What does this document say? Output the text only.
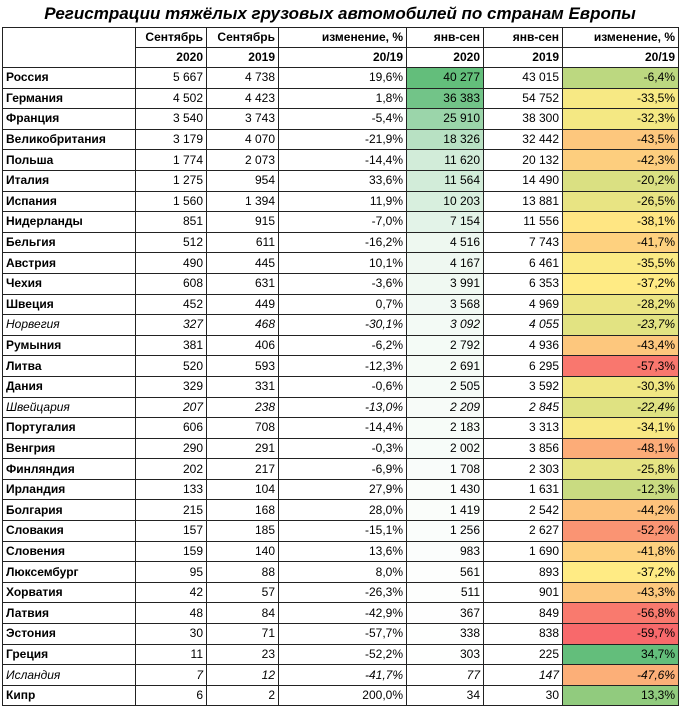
Регистрации тяжёлых грузовых автомобилей по странам Европы
	Сентябрь	Сентябрь	изменение, %	янв-сен	янв-сен	изменение, %
	2020	2019	20/19	2020	2019	20/19
Россия	5 667	4 738	19,6%	40 277	43 015	-6,4%
Германия	4 502	4 423	1,8%	36 383	54 752	-33,5%
Франция	3 540	3 743	-5,4%	25 910	38 300	-32,3%
Великобритания	3 179	4 070	-21,9%	18 326	32 442	-43,5%
Польша	1 774	2 073	-14,4%	11 620	20 132	-42,3%
Италия	1 275	954	33,6%	11 564	14 490	-20,2%
Испания	1 560	1 394	11,9%	10 203	13 881	-26,5%
Нидерланды	851	915	-7,0%	7 154	11 556	-38,1%
Бельгия	512	611	-16,2%	4 516	7 743	-41,7%
Австрия	490	445	10,1%	4 167	6 461	-35,5%
Чехия	608	631	-3,6%	3 991	6 353	-37,2%
Швеция	452	449	0,7%	3 568	4 969	-28,2%
Норвегия	327	468	-30,1%	3 092	4 055	-23,7%
Румыния	381	406	-6,2%	2 792	4 936	-43,4%
Литва	520	593	-12,3%	2 691	6 295	-57,3%
Дания	329	331	-0,6%	2 505	3 592	-30,3%
Швейцария	207	238	-13,0%	2 209	2 845	-22,4%
Португалия	606	708	-14,4%	2 183	3 313	-34,1%
Венгрия	290	291	-0,3%	2 002	3 856	-48,1%
Финляндия	202	217	-6,9%	1 708	2 303	-25,8%
Ирландия	133	104	27,9%	1 430	1 631	-12,3%
Болгария	215	168	28,0%	1 419	2 542	-44,2%
Словакия	157	185	-15,1%	1 256	2 627	-52,2%
Словения	159	140	13,6%	983	1 690	-41,8%
Люксембург	95	88	8,0%	561	893	-37,2%
Хорватия	42	57	-26,3%	511	901	-43,3%
Латвия	48	84	-42,9%	367	849	-56,8%
Эстония	30	71	-57,7%	338	838	-59,7%
Греция	11	23	-52,2%	303	225	34,7%
Исландия	7	12	-41,7%	77	147	-47,6%
Кипр	6	2	200,0%	34	30	13,3%
